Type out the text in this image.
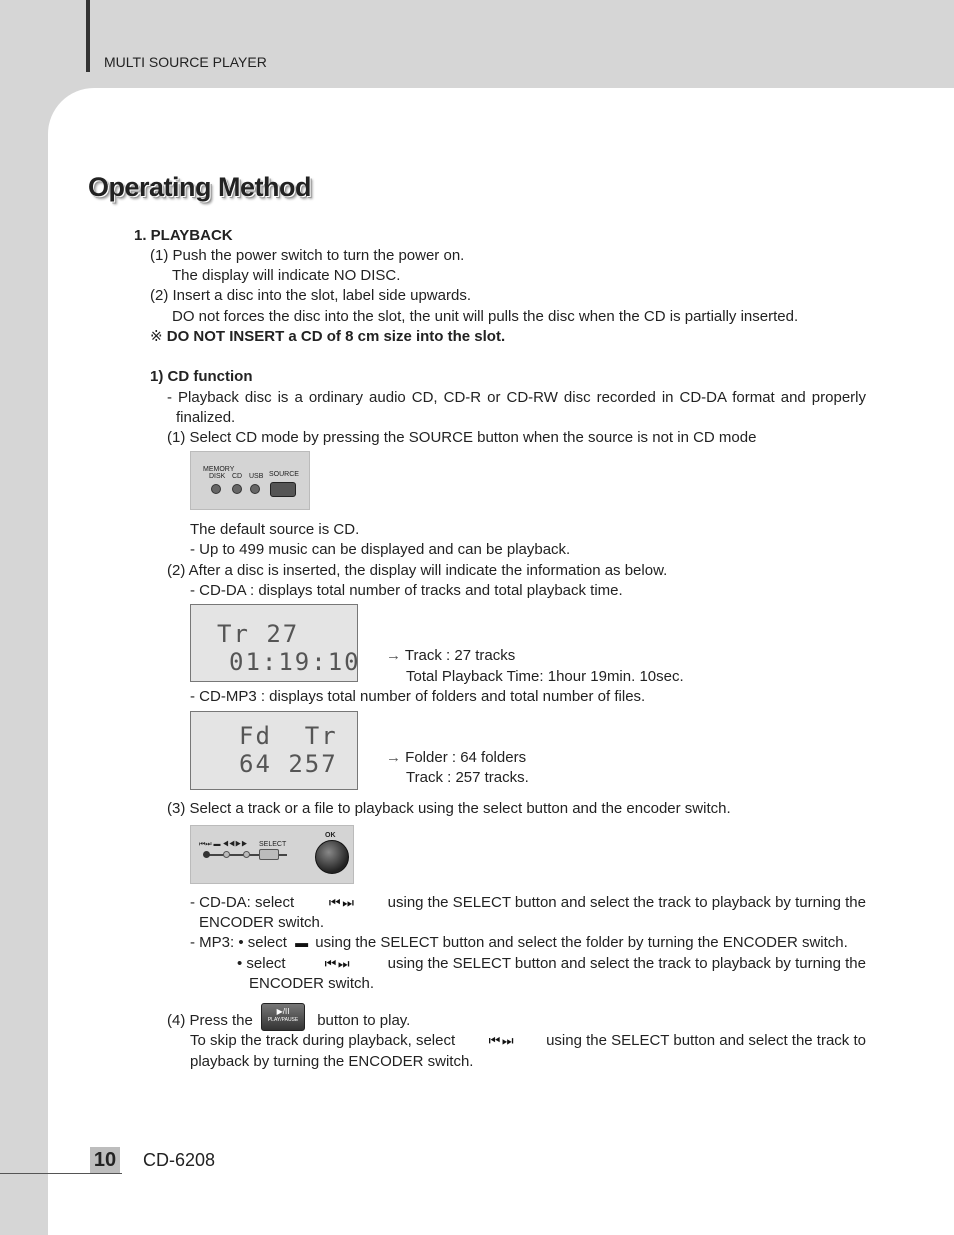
MULTI SOURCE PLAYER
Operating Method
1. PLAYBACK
(1) Push the power switch to turn the power on.
The display will indicate NO DISC.
(2) Insert a disc into the slot, label side upwards.
DO not forces the disc into the slot, the unit will pulls the disc when the CD is partially inserted.
※ DO NOT INSERT a CD of 8 cm size into the slot.
1) CD function
- Playback disc is a ordinary audio CD, CD-R or CD-RW disc recorded in CD-DA format and properly finalized.
(1) Select CD mode by pressing the SOURCE button when the source is not in CD mode
MEMORY
DISK CD USB SOURCE
The default source is CD.
- Up to 499 music can be displayed and can be playback.
(2) After a disc is inserted, the display will indicate the information as below.
- CD-DA : displays total number of tracks and total playback time.
Tr 27
01:19:10 → Track : 27 tracks
Total Playback Time: 1hour 19min. 10sec.
- CD-MP3 : displays total number of folders and total number of files.
Fd  Tr
64 257	→ Folder : 64 folders
Track : 257 tracks.
(3) Select a track or a file to playback using the select button and the encoder switch.
⏮⏭ ▬ ◀◀▶▶ SELECT
OK
- CD-DA: select	⏮ ⏭ using the SELECT button and select the track to playback by turning the
ENCODER switch.
- MP3: • select ▬ using the SELECT button and select the folder by turning the ENCODER switch.
• select	⏮ ⏭	using the SELECT button and select the track to playback by turning the
ENCODER switch.
(4) Press the
▶/II
PLAY/PAUSE	button to play.
To skip the track during playback, select	⏮ ⏭ using the SELECT button and select the track to
playback by turning the ENCODER switch.
10 CD-6208
